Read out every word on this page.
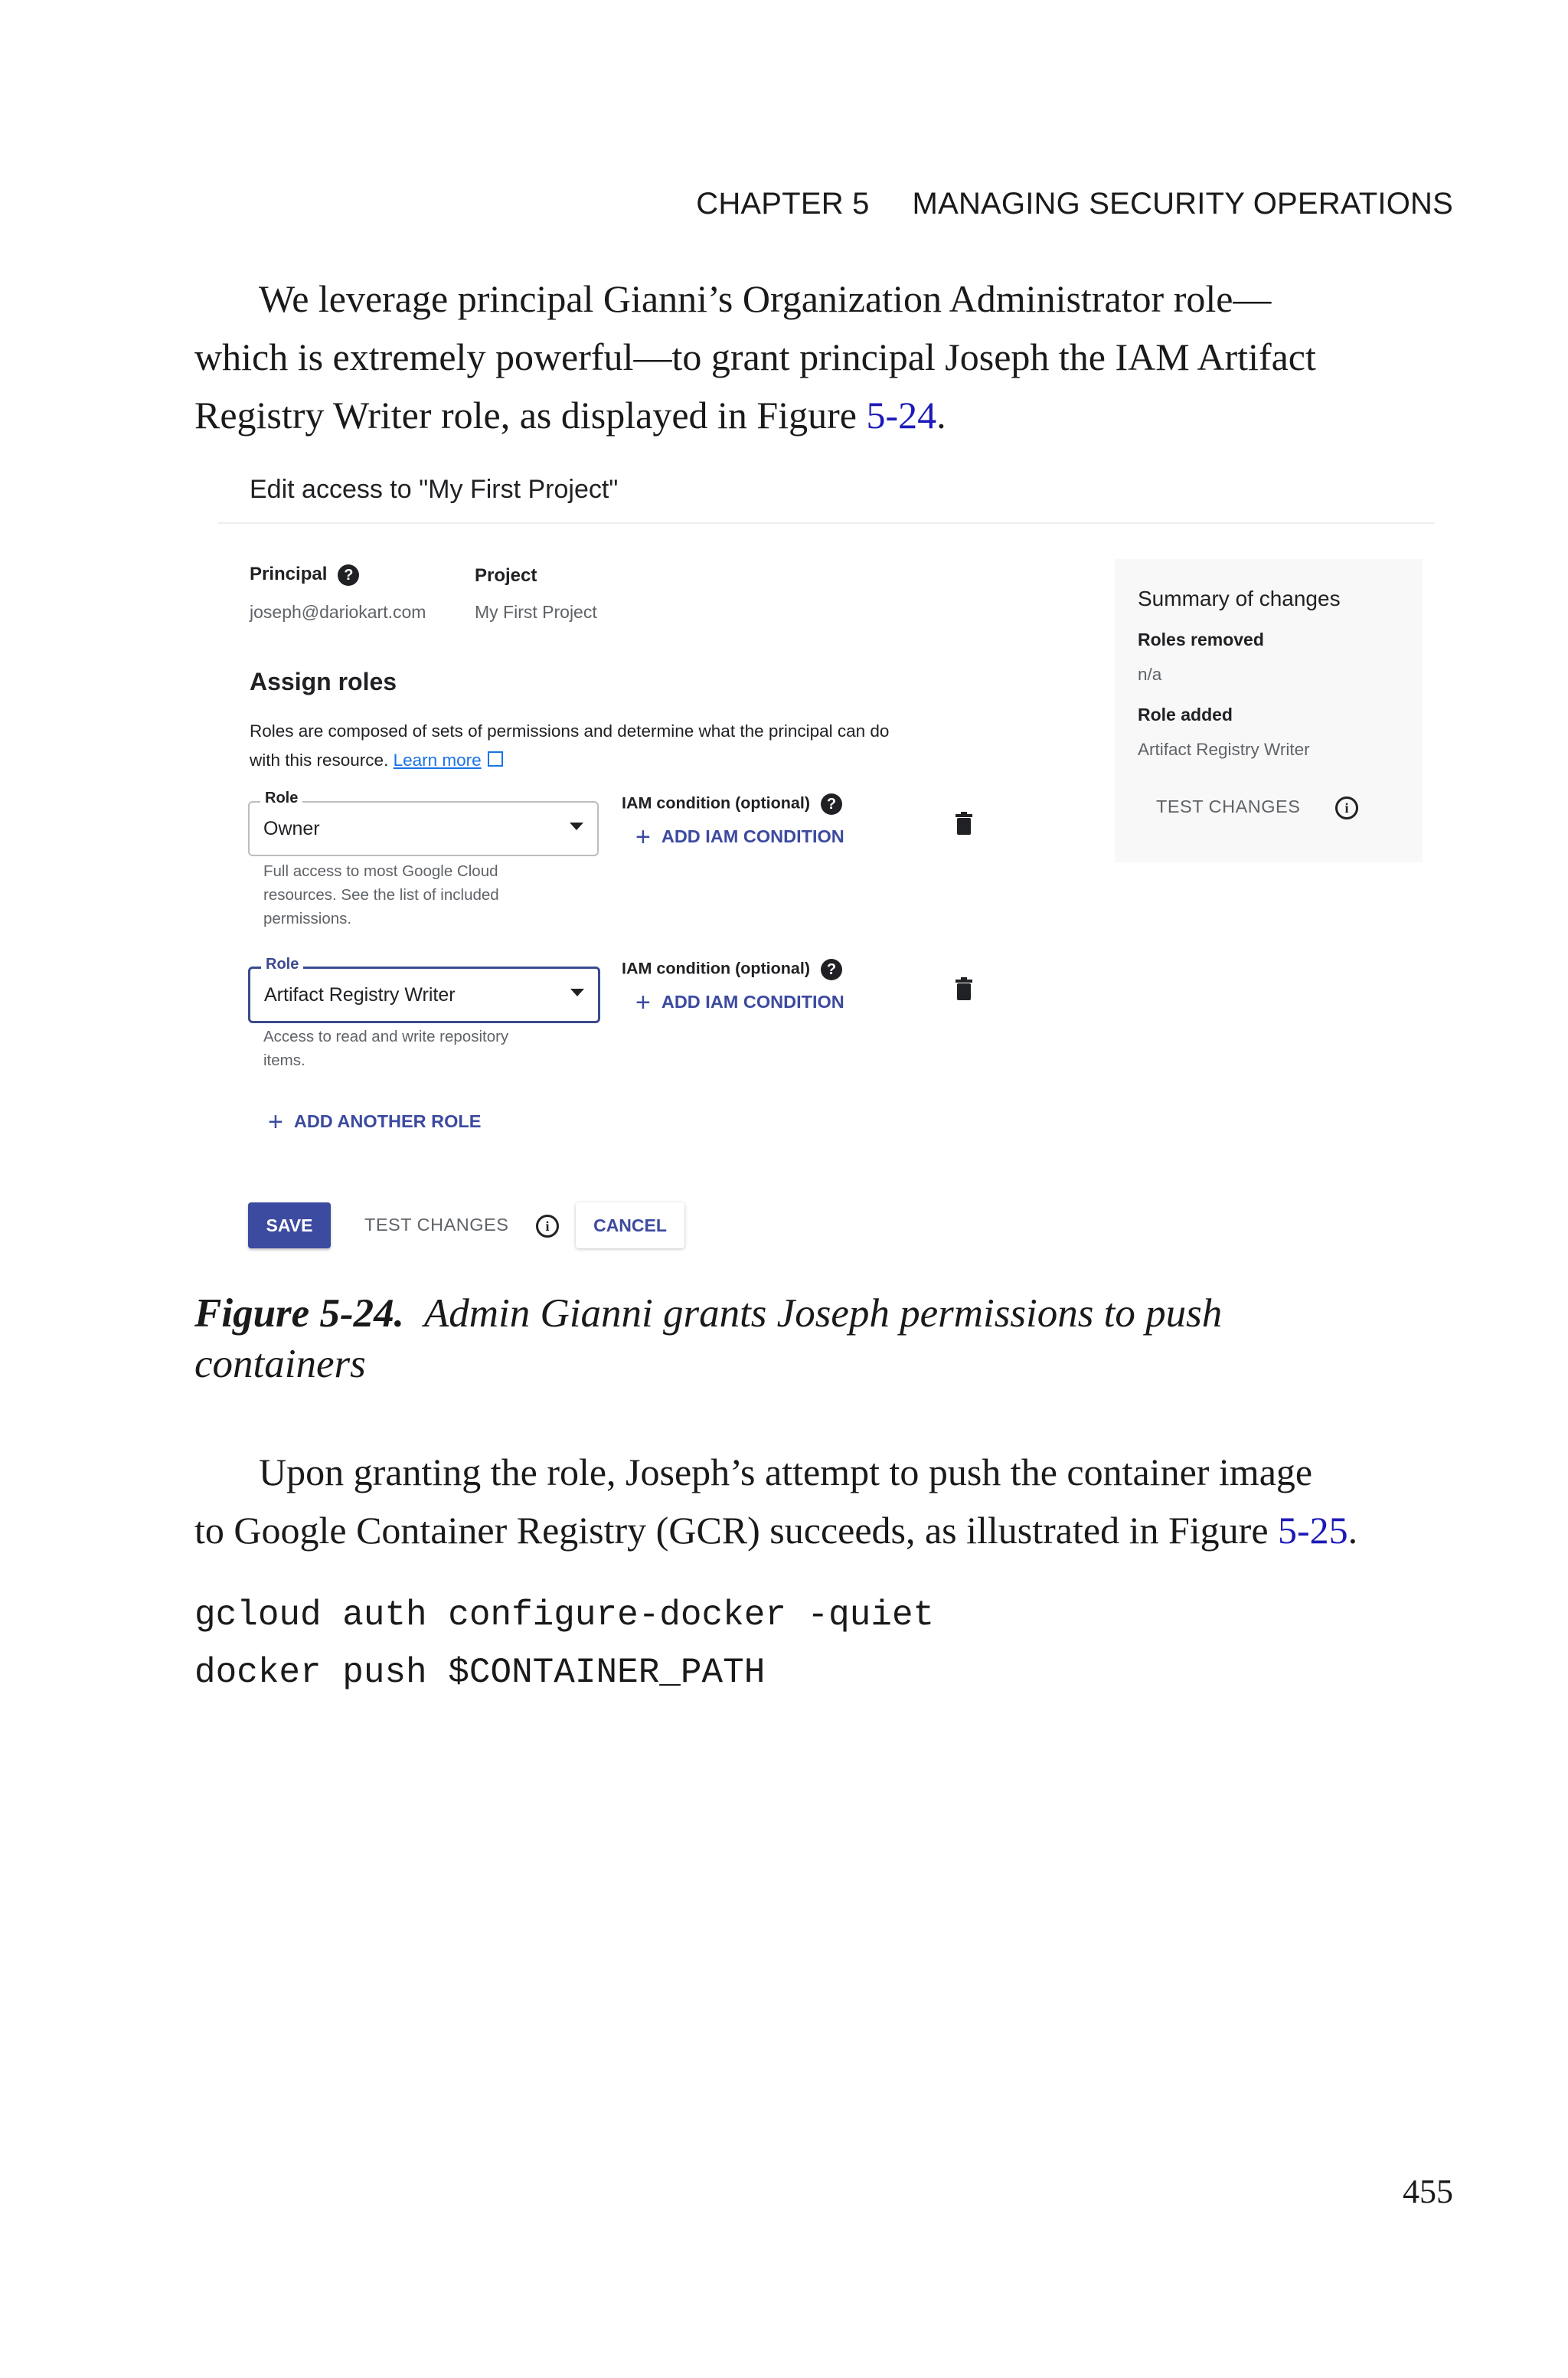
CHAPTER 5 MANAGING SECURITY OPERATIONS
We leverage principal Gianni’s Organization Administrator role—
which is extremely powerful—to grant principal Joseph the IAM Artifact
Registry Writer role, as displayed in Figure 5-24.
Edit access to "My First Project"
Principal ?
joseph@dariokart.com
Project
My First Project
Assign roles
Roles are composed of sets of permissions and determine what the principal can do
with this resource. Learn more
Role
Owner
Full access to most Google Cloud
resources. See the list of included
permissions.
IAM condition (optional) ?
+ ADD IAM CONDITION
Role
Artifact Registry Writer
Access to read and write repository
items.
IAM condition (optional) ?
+ ADD IAM CONDITION
+ ADD ANOTHER ROLE
SAVE	TEST CHANGES	i	CANCEL
Summary of changes
Roles removed
n/a
Role added
Artifact Registry Writer
TEST CHANGES	i
Figure 5-24. Admin Gianni grants Joseph permissions to push
containers
Upon granting the role, Joseph’s attempt to push the container image
to Google Container Registry (GCR) succeeds, as illustrated in Figure 5-25.
gcloud auth configure-docker -quiet
docker push $CONTAINER_PATH
455
